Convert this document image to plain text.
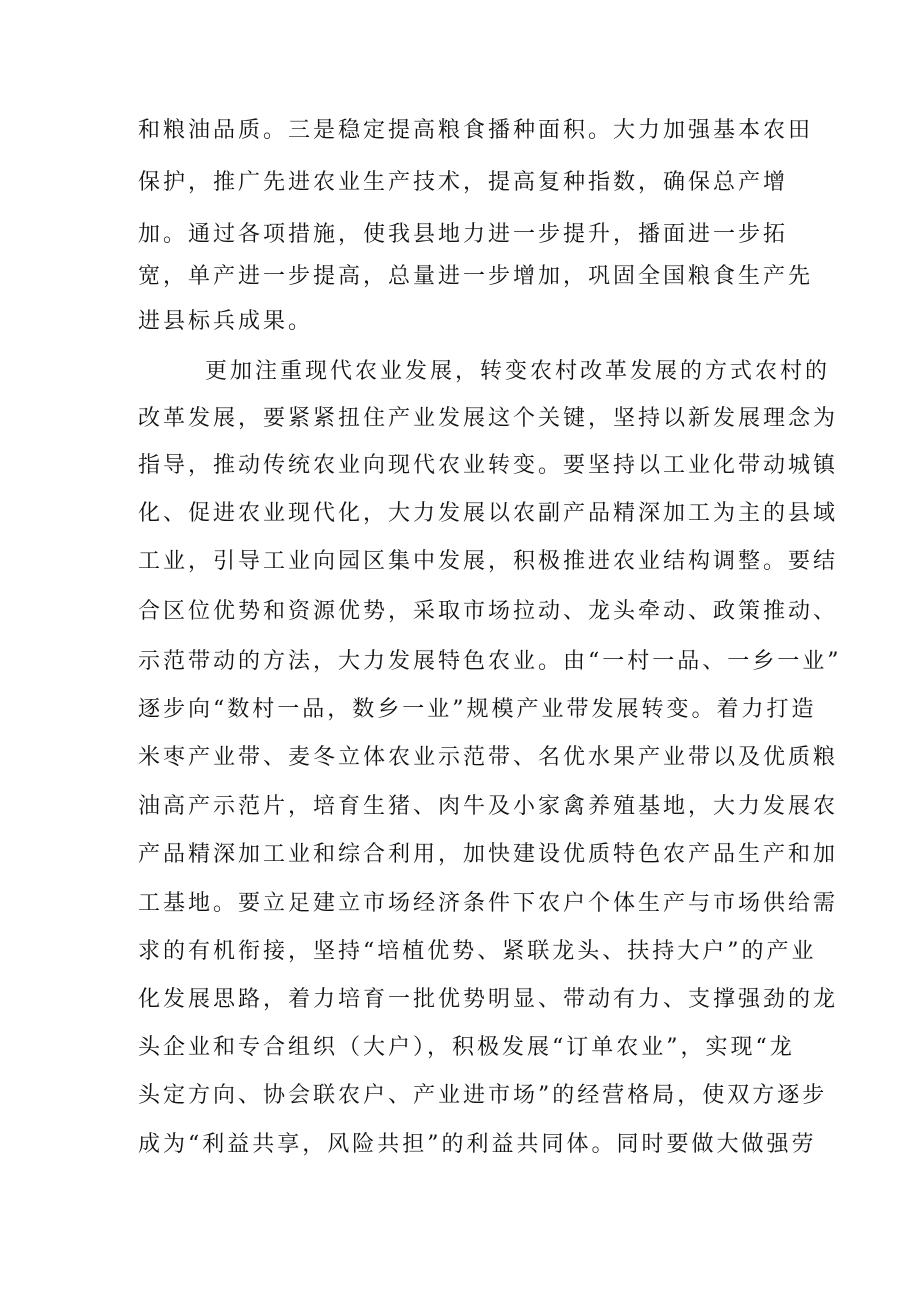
和粮油品质。三是稳定提高粮食播种面积。大力加强基本农田
保护，推广先进农业生产技术，提高复种指数，确保总产增
加。通过各项措施，使我县地力进一步提升，播面进一步拓
宽，单产进一步提高，总量进一步增加，巩固全国粮食生产先
进县标兵成果。
更加注重现代农业发展，转变农村改革发展的方式农村的
改革发展，要紧紧扭住产业发展这个关键，坚持以新发展理念为
指导，推动传统农业向现代农业转变。要坚持以工业化带动城镇
化、促进农业现代化，大力发展以农副产品精深加工为主的县域
工业，引导工业向园区集中发展，积极推进农业结构调整。要结
合区位优势和资源优势，采取市场拉动、龙头牵动、政策推动、
示范带动的方法，大力发展特色农业。由“一村一品、一乡一业”
逐步向“数村一品，数乡一业”规模产业带发展转变。着力打造
米枣产业带、麦冬立体农业示范带、名优水果产业带以及优质粮
油高产示范片，培育生猪、肉牛及小家禽养殖基地，大力发展农
产品精深加工业和综合利用，加快建设优质特色农产品生产和加
工基地。要立足建立市场经济条件下农户个体生产与市场供给需
求的有机衔接，坚持“培植优势、紧联龙头、扶持大户”的产业
化发展思路，着力培育一批优势明显、带动有力、支撑强劲的龙
头企业和专合组织（大户），积极发展“订单农业”，实现“龙
头定方向、协会联农户、产业进市场”的经营格局，使双方逐步
成为“利益共享，风险共担”的利益共同体。同时要做大做强劳
